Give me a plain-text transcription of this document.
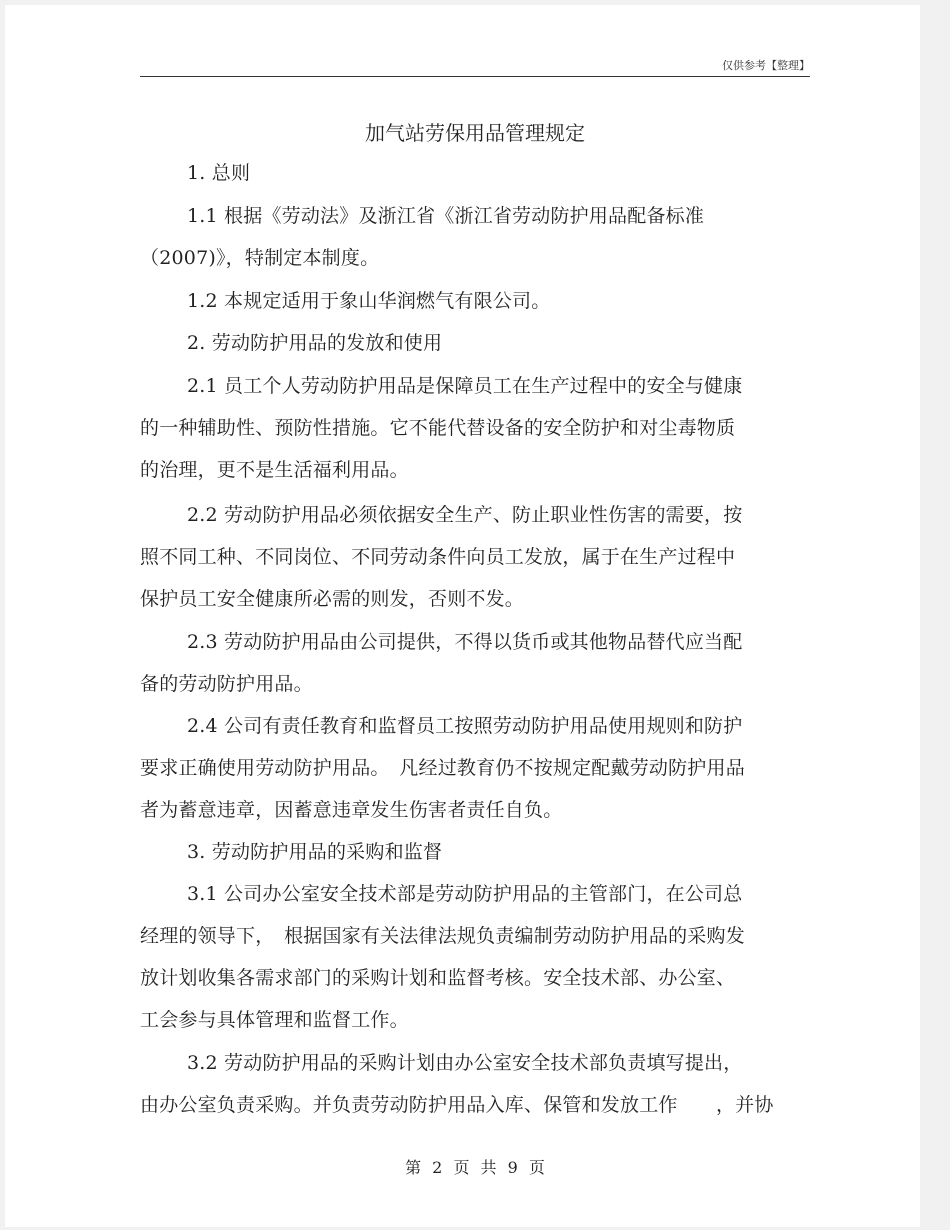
仅供参考【整理】
加气站劳保用品管理规定
1. 总则
1.1 根据《劳动法》及浙江省《浙江省劳动防护用品配备标准
（2007)》，特制定本制度。
1.2 本规定适用于象山华润燃气有限公司。
2. 劳动防护用品的发放和使用
2.1 员工个人劳动防护用品是保障员工在生产过程中的安全与健康
的一种辅助性、预防性措施。它不能代替设备的安全防护和对尘毒物质
的治理，更不是生活福利用品。
2.2 劳动防护用品必须依据安全生产、防止职业性伤害的需要，按
照不同工种、不同岗位、不同劳动条件向员工发放，属于在生产过程中
保护员工安全健康所必需的则发，否则不发。
2.3 劳动防护用品由公司提供，不得以货币或其他物品替代应当配
备的劳动防护用品。
2.4 公司有责任教育和监督员工按照劳动防护用品使用规则和防护
要求正确使用劳动防护用品。　凡经过教育仍不按规定配戴劳动防护用品
者为蓄意违章，因蓄意违章发生伤害者责任自负。
3. 劳动防护用品的采购和监督
3.1 公司办公室安全技术部是劳动防护用品的主管部门，在公司总
经理的领导下，　根据国家有关法律法规负责编制劳动防护用品的采购发
放计划收集各需求部门的采购计划和监督考核。安全技术部、办公室、
工会参与具体管理和监督工作。
3.2 劳动防护用品的采购计划由办公室安全技术部负责填写提出，
由办公室负责采购。并负责劳动防护用品入库、保管和发放工作　　，并协
第 2 页 共 9 页
